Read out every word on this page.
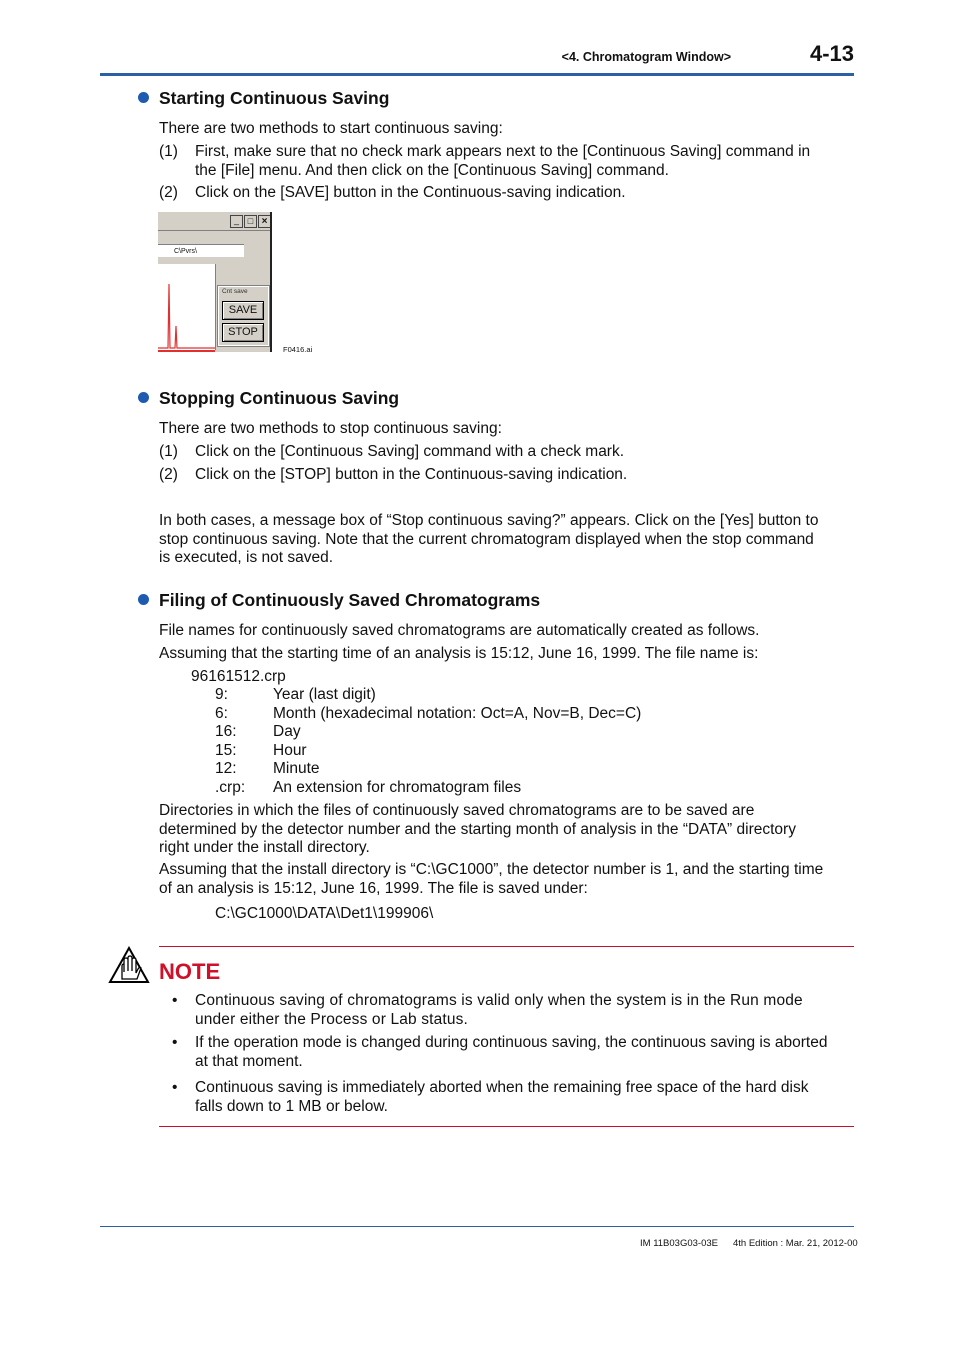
<4. Chromatogram Window>	4-13
Starting Continuous Saving
There are two methods to start continuous saving:
(1) First, make sure that no check mark appears next to the [Continuous Saving] command in
the [File] menu. And then click on the [Continuous Saving] command.
(2) Click on the [SAVE] button in the Continuous-saving indication.
_ □ ×
C\Pvrs\
Cnt save
SAVE
STOP
F0416.ai
Stopping Continuous Saving
There are two methods to stop continuous saving:
(1) Click on the [Continuous Saving] command with a check mark.
(2) Click on the [STOP] button in the Continuous-saving indication.
In both cases, a message box of “Stop continuous saving?” appears. Click on the [Yes] button to
stop continuous saving. Note that the current chromatogram displayed when the stop command
is executed, is not saved.
Filing of Continuously Saved Chromatograms
File names for continuously saved chromatograms are automatically created as follows.
Assuming that the starting time of an analysis is 15:12, June 16, 1999. The file name is:
96161512.crp
9:	Year (last digit)
6:	Month (hexadecimal notation: Oct=A, Nov=B, Dec=C)
16: Day
15: Hour
12: Minute
.crp: An extension for chromatogram files
Directories in which the files of continuously saved chromatograms are to be saved are
determined by the detector number and the starting month of analysis in the “DATA” directory
right under the install directory.
Assuming that the install directory is “C:\GC1000”, the detector number is 1, and the starting time
of an analysis is 15:12, June 16, 1999. The file is saved under:
C:\GC1000\DATA\Det1\199906\
NOTE
• Continuous saving of chromatograms is valid only when the system is in the Run mode
under either the Process or Lab status.
• If the operation mode is changed during continuous saving, the continuous saving is aborted
at that moment.
• Continuous saving is immediately aborted when the remaining free space of the hard disk
falls down to 1 MB or below.
IM 11B03G03-03E 4th Edition : Mar. 21, 2012-00
